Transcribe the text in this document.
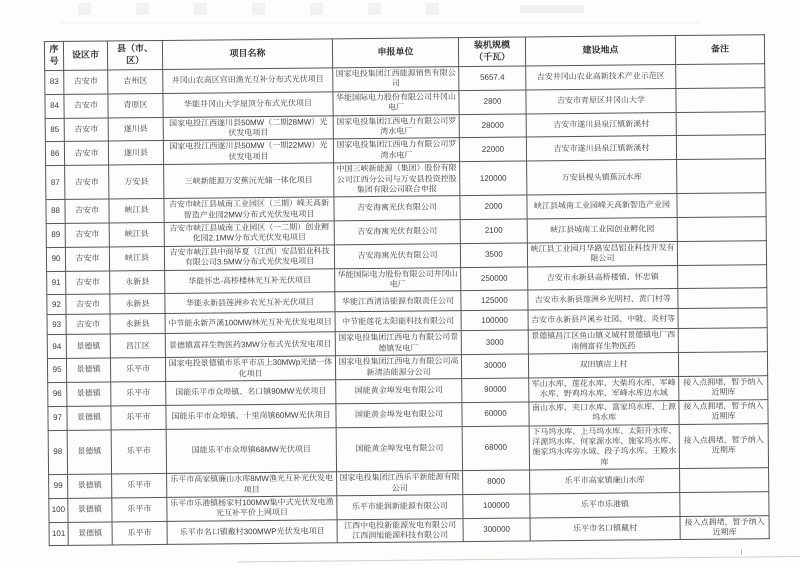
序
号	设区市	县（市、
区）	项目名称	申报单位	装机规模
（千瓦）	建设地点	备注
83	吉安市	吉州区	井冈山农高区官田渔光互补分布式光伏项目	国家电投集团江西能源销售有限公司	5657.4	吉安井冈山农业高新技术产业示范区	
84	吉安市	青原区	华能井冈山大学屋顶分布式光伏项目	华能国际电力股份有限公司井冈山电厂	2800	吉安市青原区井冈山大学	
85	吉安市	遂川县	国家电投江西遂川县50MW（二期28MW）光伏发电项目	国家电投集团江西电力有限公司罗湾水电厂	28000	吉安市遂川县泉江镇新溪村	
86	吉安市	遂川县	国家电投江西遂川县50MW（一期22MW）光伏发电项目	国家电投集团江西电力有限公司罗湾水电厂	22000	吉安市遂川县泉江镇新溪村	
87	吉安市	万安县	三峡新能源万安蕉沅光储一体化项目	中国三峡新能源（集团）股份有限公司江西分公司与万安县投资控股集团有限公司联合申报	120000	万安县枧头镇蕉沅水库	
88	吉安市	峡江县	吉安市峡江县城南工业园区（三期）嵘天高新智造产业园2MW分布式光伏发电项目	吉安海寓光伏有限公司	2000	峡江县城南工业园嵘天高新智造产业园	
89	吉安市	峡江县	吉安市峡江县城南工业园区（一二期）创业孵化园2.1MW分布式光伏发电项目	吉安海寓光伏有限公司	2100	峡江县城南工业园创业孵化园	
90	吉安市	峡江县	吉安市峡江县中商华夏（江西）安昌铝业科技有限公司3.5MW分布式光伏发电项目	吉安海寓光伏有限公司	3500	峡江县工业园月华路安昌铝业科技开发有限公司	
91	吉安市	永新县	华能怀忠-高桥楼林光互补光伏项目	华能国际电力股份有限公司井冈山电厂	250000	吉安市永新县高桥楼镇、怀忠镇	
92	吉安市	永新县	华能永新县莲洲乡农光互补光伏项目	华能江西清洁能源有限责任公司	125000	吉安市永新县莲洲乡光明村、黄门村等	
93	吉安市	永新县	中节能永新芦溪100MW林光互补光伏发电项目	中节能莲花太阳能科技有限公司	100000	吉安市永新县芦溪乡社园、中陂、炎村等	
94	景德镇	昌江区	景德镇富祥生物医药3MW分布式光伏发电项目	国家电投集团江西电力有限公司景德镇发电厂	3000	景德镇昌江区鱼山镇义城村景德镇电厂西南侧富祥生物医药	
95	景德镇	乐平市	国家电投景德镇市乐平市店上30MWp光储一体化项目	国家电投集团江西电力有限公司高新清洁能源分公司	30000	双田镇店上村	
96	景德镇	乐平市	国能乐平市众埠镇、名口镇90MW光伏项目	国能黄金埠发电有限公司	90000	军山水库、莲花水库、大柴坞水库、军峰水库、野鸡坞水库、军峰水库边水域	接入点拥堵，暂予纳入近期库
97	景德镇	乐平市	国能乐平市众埠镇、十里岗镇60MW光伏项目	国能黄金埠发电有限公司	60000	南山水库、夹口水库、富家坞水库、上源坞水库	接入点拥堵，暂予纳入近期库
98	景德镇	乐平市	国能乐平市众埠镇68MW光伏项目	国能黄金埠发电有限公司	68000	下马坞水库、上马坞水库、太阳升水库、洋源坞水库、何家源水库、施家坞水库、施家坞水库旁水域、段子坞水库、王殿水库	接入点拥堵，暂予纳入近期库
99	景德镇	乐平市	乐平市高家镇廉山水库8MW渔光互补光伏发电项目	国家电投集团江西乐平新能源有限公司	8000	乐平市高家镇廉山水库	
100	景德镇	乐平市	乐平市乐港镇杨家村100MW集中式光伏发电渔光互补平价上网项目	乐平市能润新能源有限公司	100000	乐平市乐港镇	
101	景德镇	乐平市	乐平市名口镇戴村300MWP光伏发电项目	江西中电投新能源发电有限公司
江西润旭能源科技有限公司	300000	乐平市名口镇戴村	接入点拥堵，暂予纳入近期库
